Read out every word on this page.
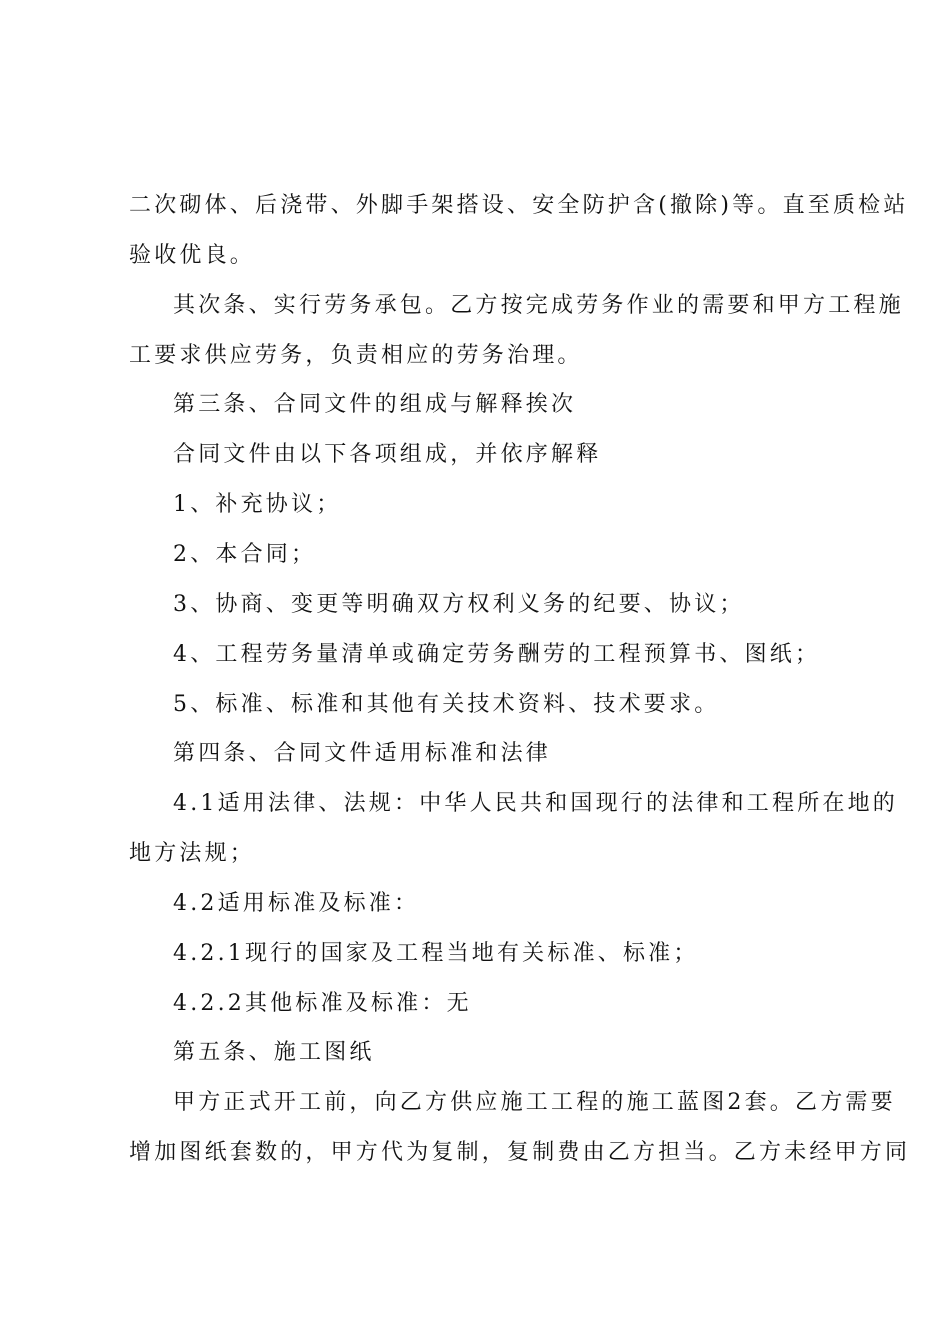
二次砌体、后浇带、外脚手架搭设、安全防护含(撤除)等。直至质检站
验收优良。
其次条、实行劳务承包。乙方按完成劳务作业的需要和甲方工程施
工要求供应劳务，负责相应的劳务治理。
第三条、合同文件的组成与解释挨次
合同文件由以下各项组成，并依序解释
1、补充协议；
2、本合同；
3、协商、变更等明确双方权利义务的纪要、协议；
4、工程劳务量清单或确定劳务酬劳的工程预算书、图纸；
5、标准、标准和其他有关技术资料、技术要求。
第四条、合同文件适用标准和法律
4.1适用法律、法规：中华人民共和国现行的法律和工程所在地的
地方法规；
4.2适用标准及标准：
4.2.1现行的国家及工程当地有关标准、标准；
4.2.2其他标准及标准：无
第五条、施工图纸
甲方正式开工前，向乙方供应施工工程的施工蓝图2套。乙方需要
增加图纸套数的，甲方代为复制，复制费由乙方担当。乙方未经甲方同
